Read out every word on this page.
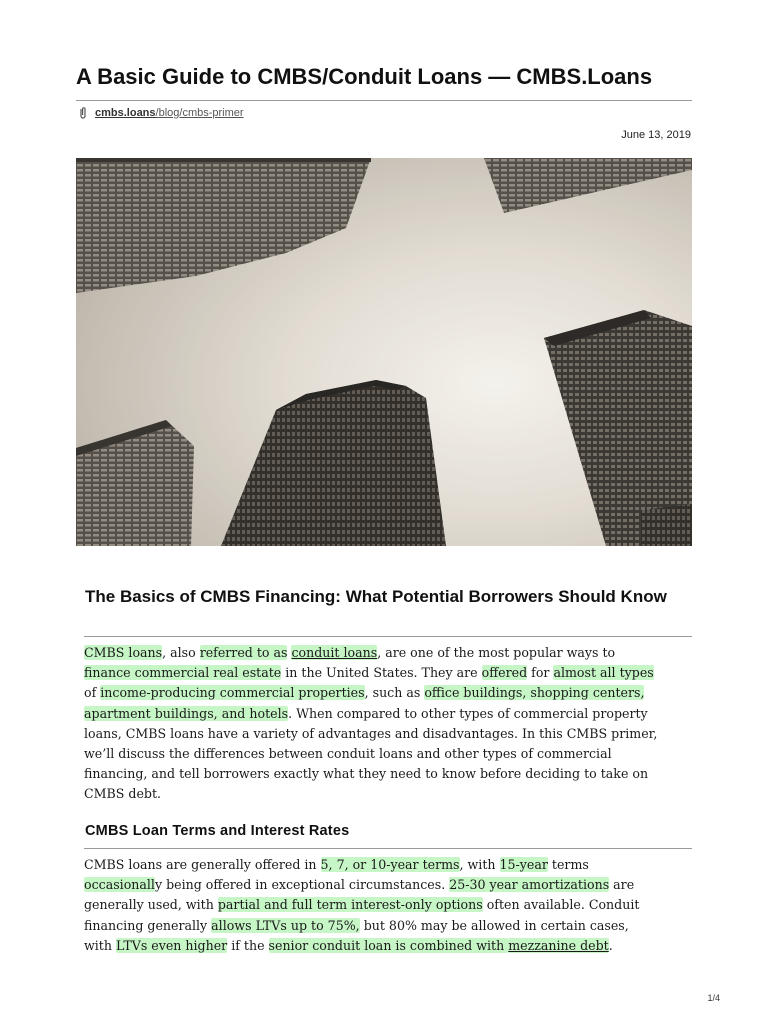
A Basic Guide to CMBS/Conduit Loans — CMBS.Loans
cmbs.loans /blog/cmbs-primer
June 13, 2019
The Basics of CMBS Financing: What Potential Borrowers Should Know
CMBS loans, also referred to as conduit loans, are one of the most popular ways to
finance commercial real estate in the United States. They are offered for almost all types
of income-producing commercial properties, such as office buildings, shopping centers,
apartment buildings, and hotels. When compared to other types of commercial property
loans, CMBS loans have a variety of advantages and disadvantages. In this CMBS primer,
we’ll discuss the differences between conduit loans and other types of commercial
financing, and tell borrowers exactly what they need to know before deciding to take on
CMBS debt.
CMBS Loan Terms and Interest Rates
CMBS loans are generally offered in 5, 7, or 10-year terms, with 15-year terms
occasionally being offered in exceptional circumstances. 25-30 year amortizations are
generally used, with partial and full term interest-only options often available. Conduit
financing generally allows LTVs up to 75%, but 80% may be allowed in certain cases,
with LTVs even higher if the senior conduit loan is combined with mezzanine debt.
1/4
